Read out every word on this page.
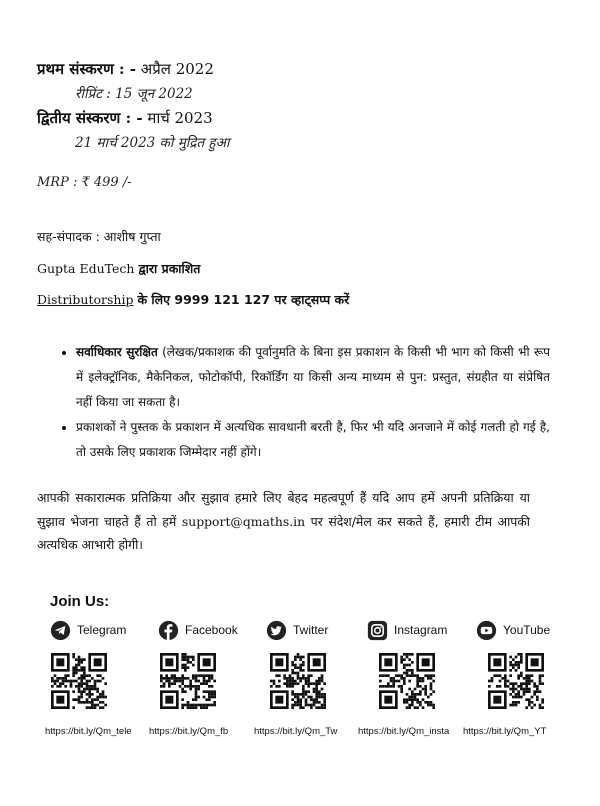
प्रथम संस्करण : - अप्रैल 2022
रीप्रिंट : 15 जून 2022
द्वितीय संस्करण : - मार्च 2023
21 मार्च 2023 को मुद्रित हुआ
MRP : ₹ 499 /-
सह-संपादक : आशीष गुप्ता
Gupta EduTech द्वारा प्रकाशित
Distributorship के लिए 9999 121 127 पर व्हाट्सप्प करें
• सर्वाधिकार सुरक्षित (लेखक/प्रकाशक की पूर्वानुमति के बिना इस प्रकाशन के किसी भी भाग को किसी भी रूप में इलेक्ट्रॉनिक, मैकेनिकल, फोटोकॉपी, रिकॉर्डिंग या किसी अन्य माध्यम से पुन: प्रस्तुत, संग्रहीत या संप्रेषित नहीं किया जा सकता है।
• प्रकाशकों ने पुस्तक के प्रकाशन में अत्यधिक सावधानी बरती है, फिर भी यदि अनजाने में कोई गलती हो गई है, तो उसके लिए प्रकाशक जिम्मेदार नहीं होंगे।
आपकी सकारात्मक प्रतिक्रिया और सुझाव हमारे लिए बेहद महत्वपूर्ण हैं यदि आप हमें अपनी प्रतिक्रिया या सुझाव भेजना चाहते हैं तो हमें support@qmaths.in पर संदेश/मेल कर सकते हैं, हमारी टीम आपकी अत्यधिक आभारी होगी।
Join Us:
Telegram	Facebook	Twitter	Instagram	YouTube
https://bit.ly/Qm_tele https://bit.ly/Qm_fb	https://bit.ly/Qm_Tw https://bit.ly/Qm_insta https://bit.ly/Qm_YT
